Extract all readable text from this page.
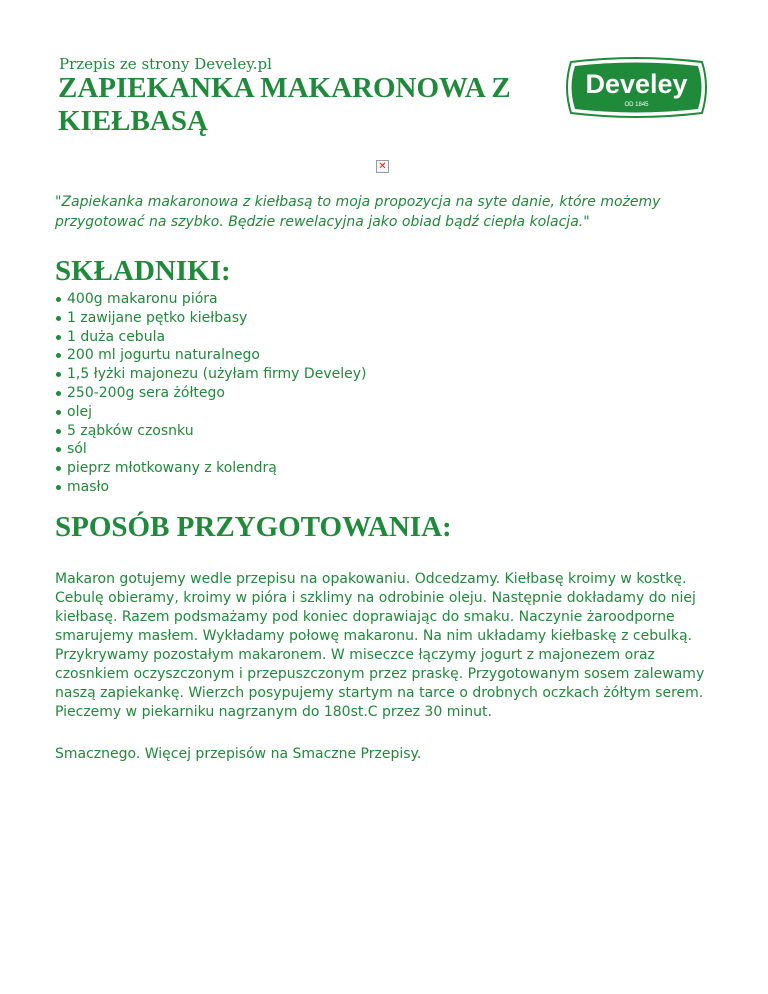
Przepis ze strony Develey.pl
ZAPIEKANKA MAKARONOWA Z KIEŁBASĄ
Develey
OD 1845
✕

"Zapiekanka makaronowa z kiełbasą to moja propozycja na syte danie, które możemy przygotować na szybko. Będzie rewelacyjna jako obiad bądź ciepła kolacja."

SKŁADNIKI:
400g makaronu pióra
1 zawijane pętko kiełbasy
1 duża cebula
200 ml jogurtu naturalnego
1,5 łyżki majonezu (użyłam firmy Develey)
250-200g sera żółtego
olej
5 ząbków czosnku
sól
pieprz młotkowany z kolendrą
masło
SPOSÓB PRZYGOTOWANIA:

Makaron gotujemy wedle przepisu na opakowaniu. Odcedzamy. Kiełbasę kroimy w kostkę. Cebulę obieramy, kroimy w pióra i szklimy na odrobinie oleju. Następnie dokładamy do niej kiełbasę. Razem podsmażamy pod koniec doprawiając do smaku. Naczynie żaroodporne smarujemy masłem. Wykładamy połowę makaronu. Na nim układamy kiełbaskę z cebulką. Przykrywamy pozostałym makaronem. W miseczce łączymy jogurt z majonezem oraz czosnkiem oczyszczonym i przepuszczonym przez praskę. Przygotowanym sosem zalewamy naszą zapiekankę. Wierzch posypujemy startym na tarce o drobnych oczkach żółtym serem. Pieczemy w piekarniku nagrzanym do 180st.C przez 30 minut.

Smacznego. Więcej przepisów na Smaczne Przepisy.
